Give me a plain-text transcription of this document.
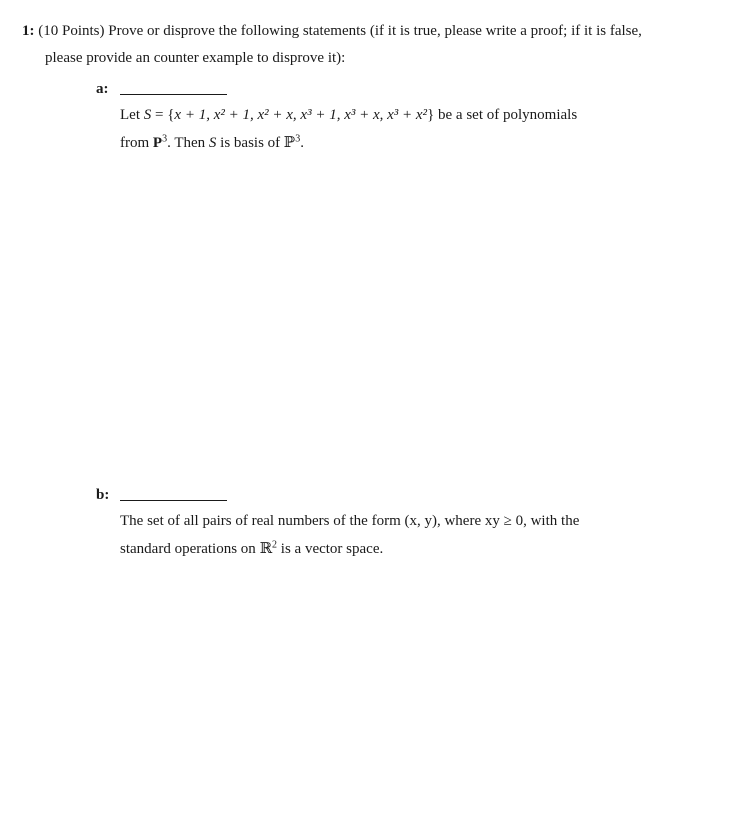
1: (10 Points) Prove or disprove the following statements (if it is true, please write a proof; if it is false,
please provide an counter example to disprove it):
a:
Let S = {x + 1, x² + 1, x² + x, x³ + 1, x³ + x, x³ + x²} be a set of polynomials
from $P^3$. Then S is basis of ℙ$^3$.
b:
The set of all pairs of real numbers of the form (x, y), where xy ≥ 0, with the
standard operations on ℝ$^2$ is a vector space.
